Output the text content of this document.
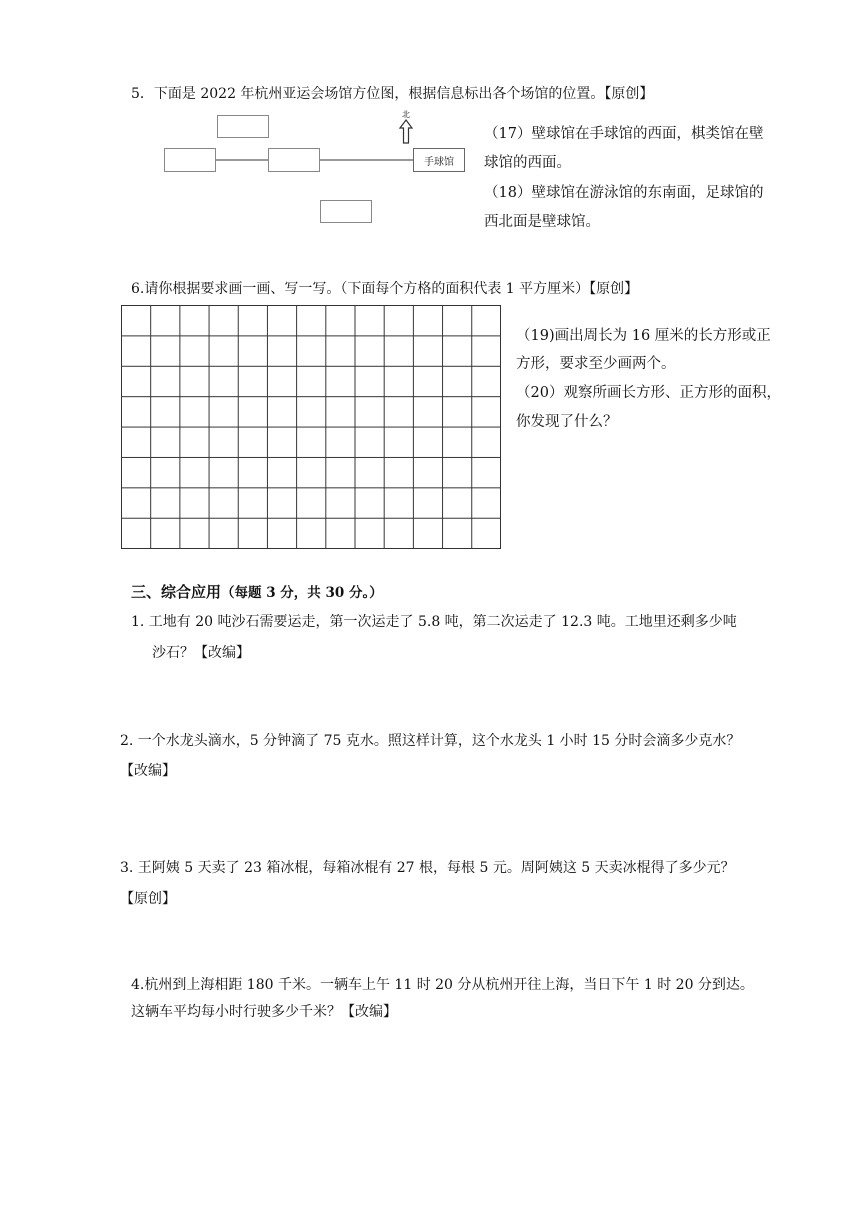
5．下面是 2022 年杭州亚运会场馆方位图，根据信息标出各个场馆的位置。【原创】
手球馆
北
（17）壁球馆在手球馆的西面，棋类馆在壁
球馆的西面。
（18）壁球馆在游泳馆的东南面，足球馆的
西北面是壁球馆。
6.请你根据要求画一画、写一写。（下面每个方格的面积代表 1 平方厘米）【原创】
（19)画出周长为 16 厘米的长方形或正
方形，要求至少画两个。
（20）观察所画长方形、正方形的面积，
你发现了什么？
三、综合应用（每题 3 分，共 30 分。）
1. 工地有 20 吨沙石需要运走，第一次运走了 5.8 吨，第二次运走了 12.3 吨。工地里还剩多少吨
沙石？【改编】
2. 一个水龙头滴水，5 分钟滴了 75 克水。照这样计算，这个水龙头 1 小时 15 分时会滴多少克水？
【改编】
3. 王阿姨 5 天卖了 23 箱冰棍，每箱冰棍有 27 根，每根 5 元。周阿姨这 5 天卖冰棍得了多少元？
【原创】
4.杭州到上海相距 180 千米。一辆车上午 11 时 20 分从杭州开往上海，当日下午 1 时 20 分到达。
这辆车平均每小时行驶多少千米？【改编】
